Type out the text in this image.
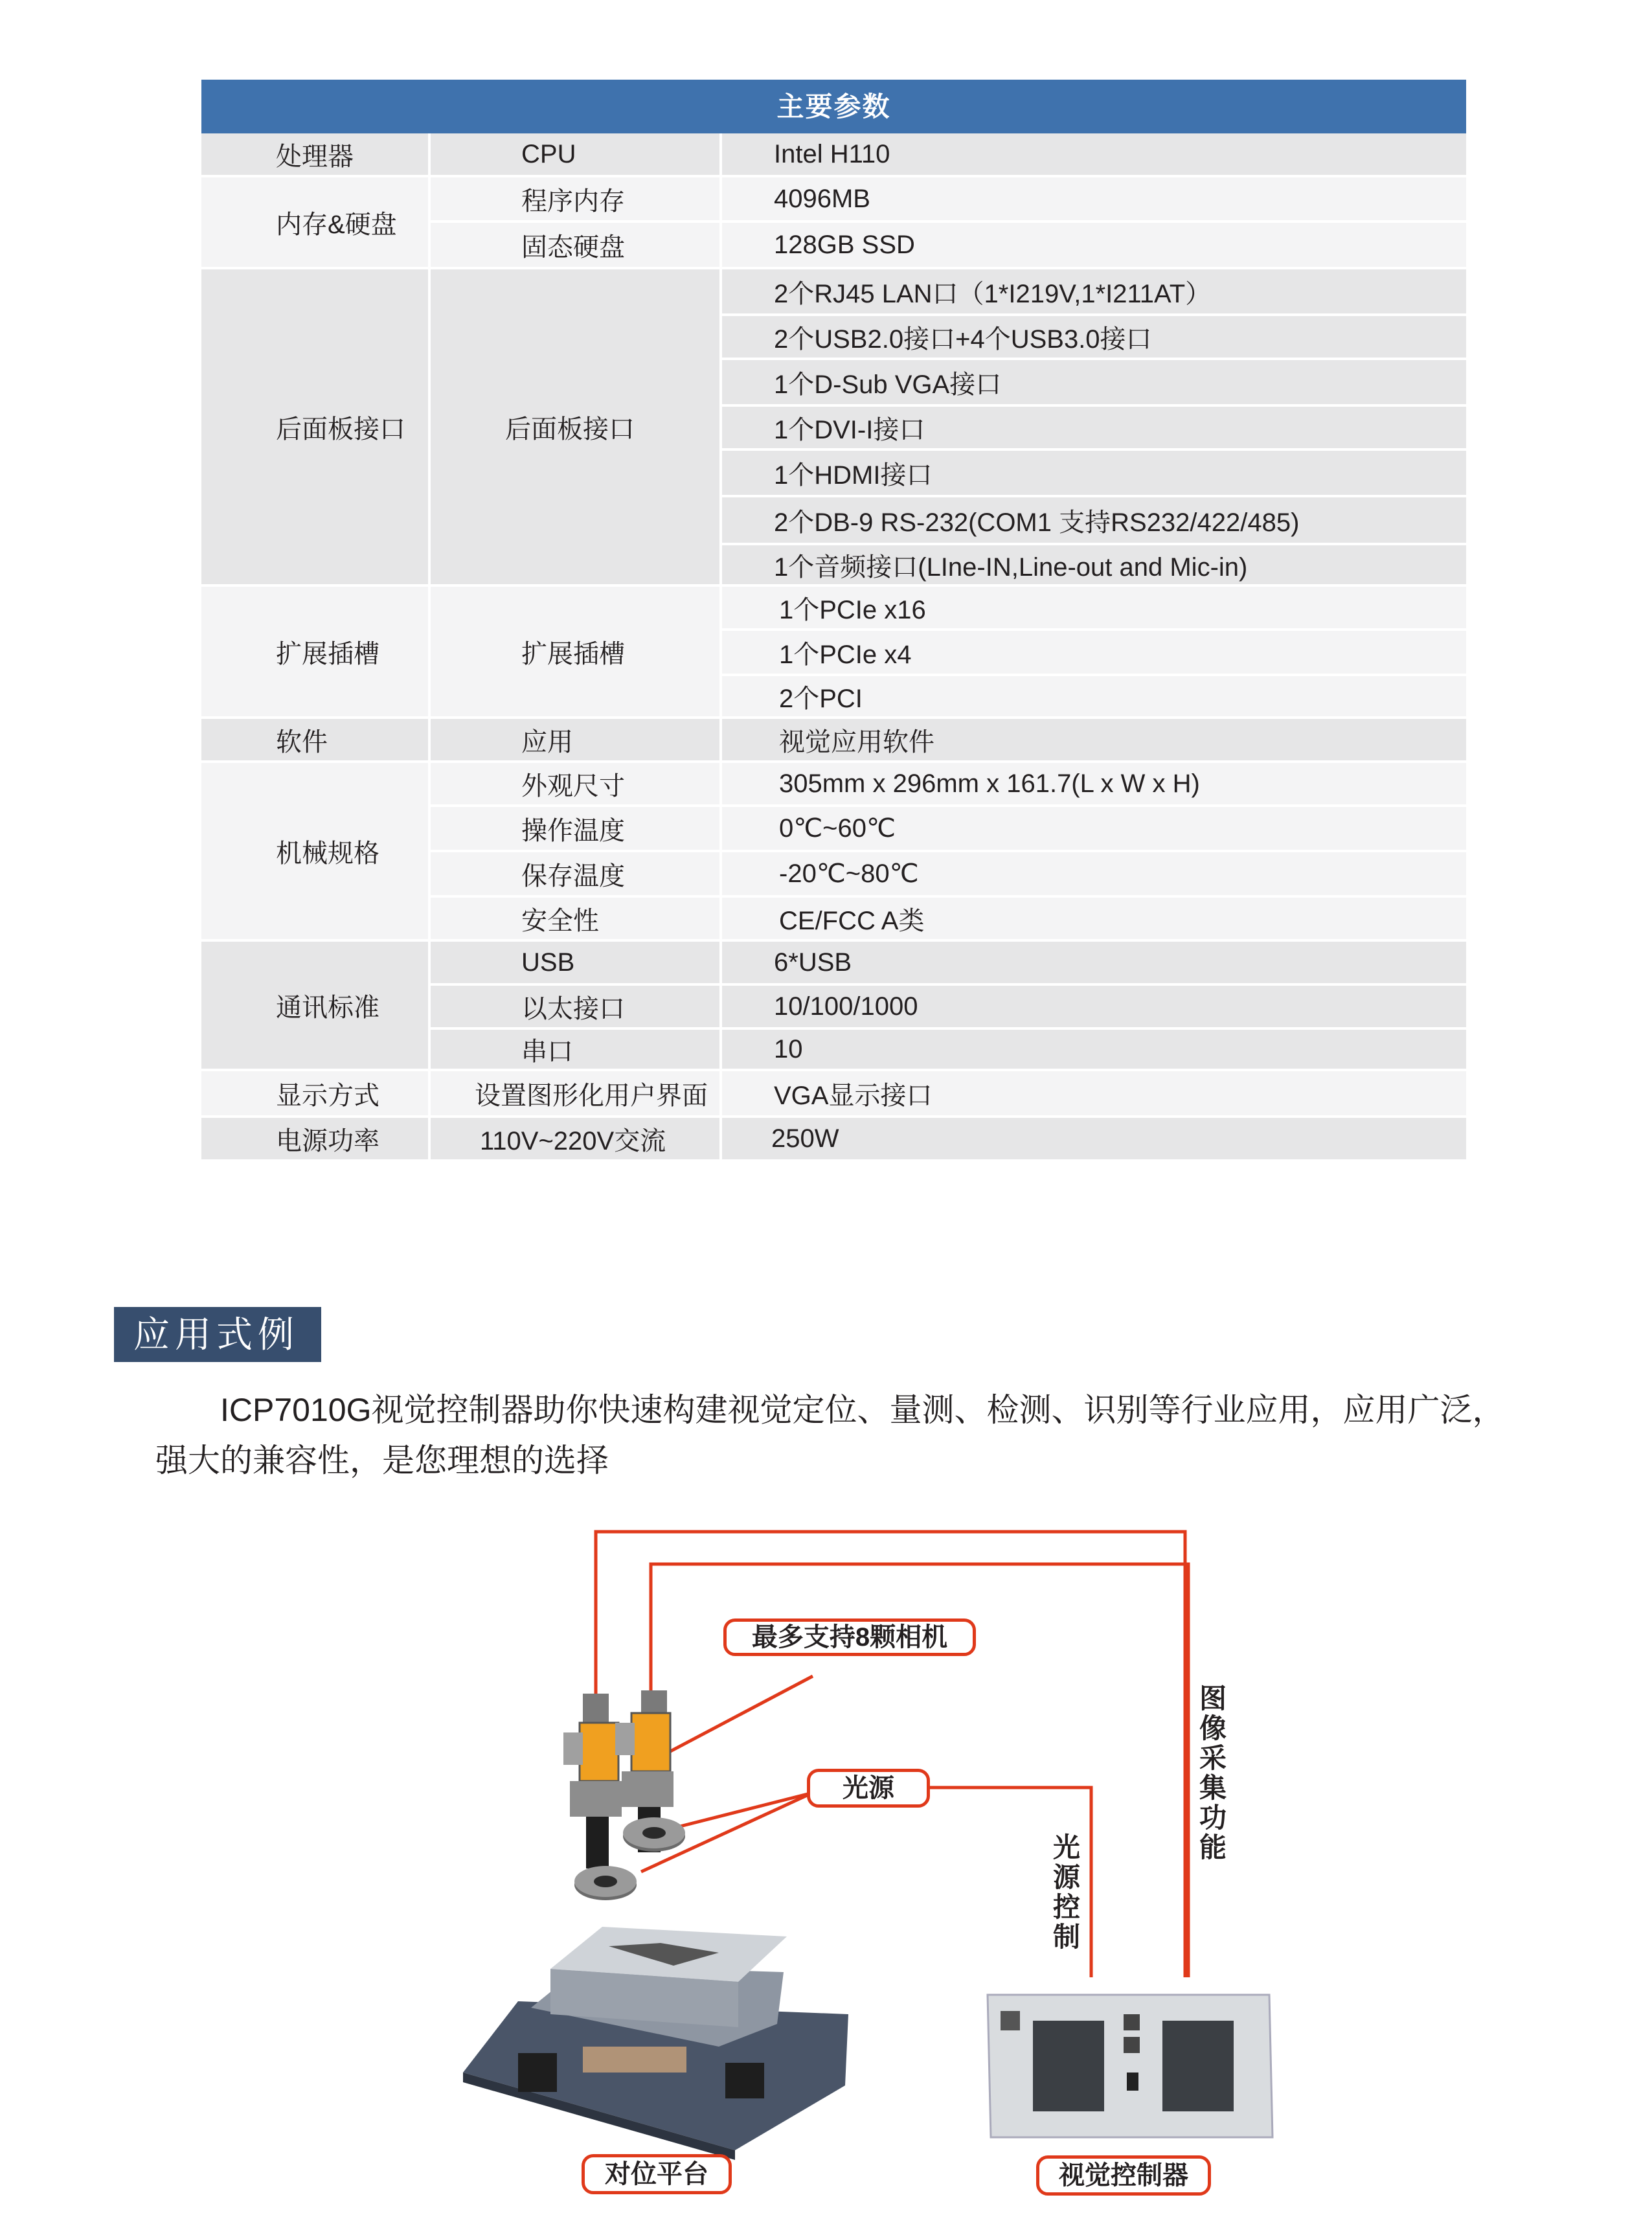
主要参数
处理器	CPU	Intel H110
内存&硬盘
程序内存	4096MB
固态硬盘	128GB SSD
后面板接口	后面板接口
2个RJ45 LAN口（1*I219V,1*I211AT）
2个USB2.0接口+4个USB3.0接口
1个D-Sub VGA接口
1个DVI-I接口
1个HDMI接口
2个DB-9 RS-232(COM1 支持RS232/422/485)
1个音频接口(LIne-IN,Line-out and Mic-in)
扩展插槽	扩展插槽
1个PCIe x16
1个PCIe x4
2个PCI
软件	应用	视觉应用软件
机械规格
外观尺寸	305mm x 296mm x 161.7(L x W x H)
操作温度	0℃~60℃
保存温度	-20℃~80℃
安全性	CE/FCC A类
通讯标准
USB	6*USB
以太接口	10/100/1000
串口	10
显示方式	设置图形化用户界面	VGA显示接口
电源功率	110V~220V交流	250W
应用式例
ICP7010G视觉控制器助你快速构建视觉定位、量测、检测、识别等行业应用，应用广泛，
强大的兼容性，是您理想的选择
最多支持8颗相机
光源	图像采集功能
光源控制
对位平台	视觉控制器
